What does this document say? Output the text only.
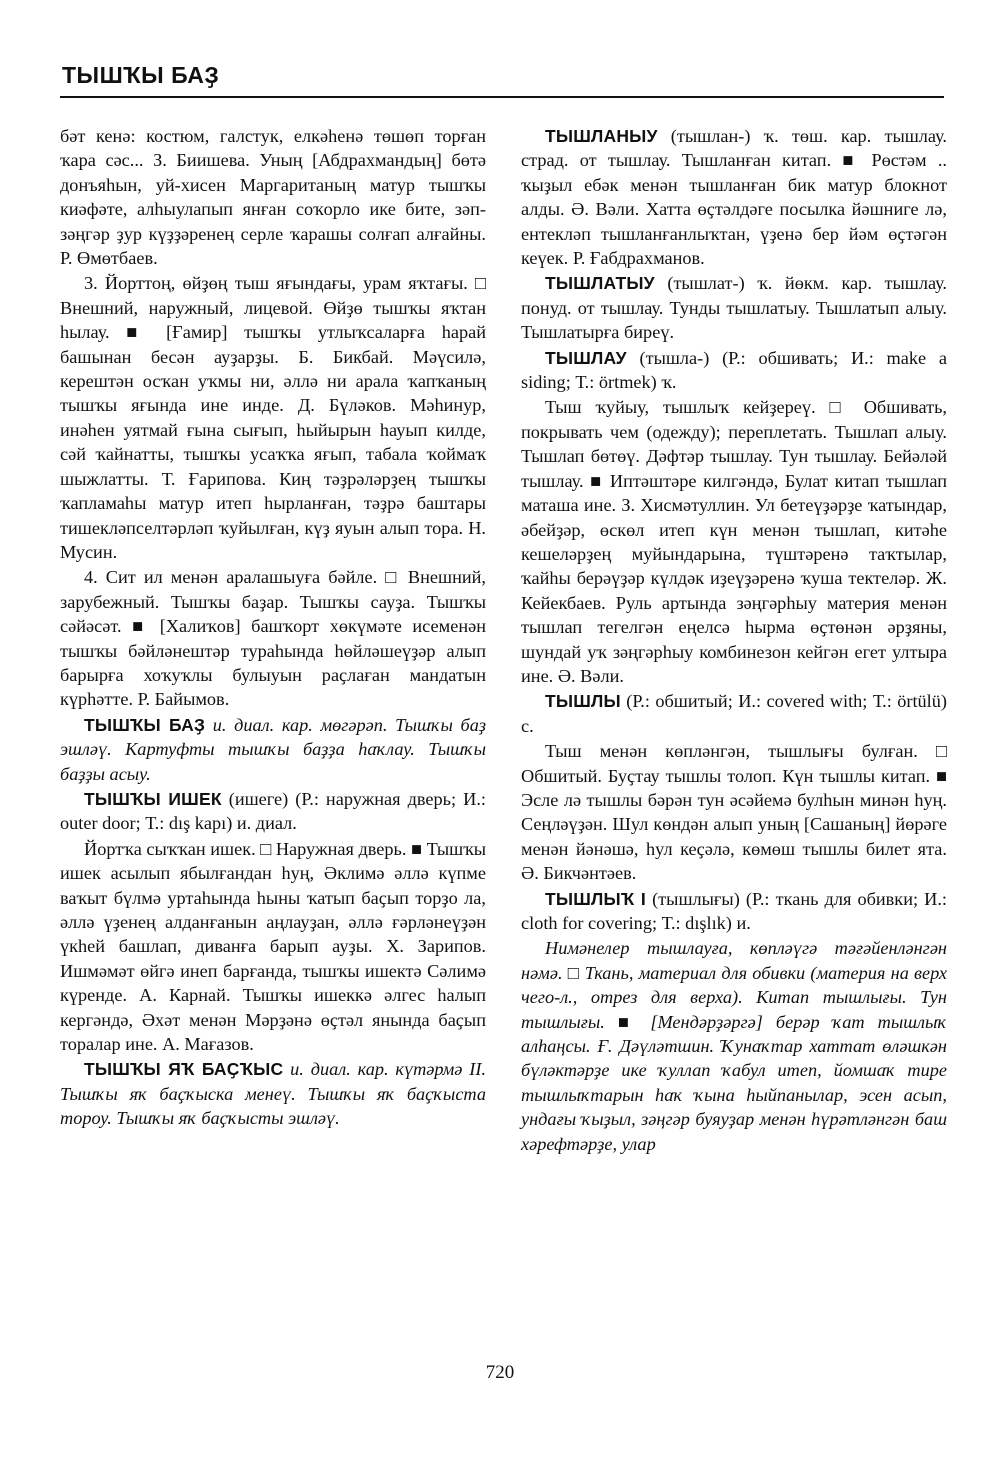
ТЫШҠЫ БАҘ

бәт кенә: костюм, галстук, елкәһенә төшөп торған ҡара сәс... З. Биишева. Уның [Абдрахмандың] бөтә донъяһын, уй-хисен Маргаританың матур тышҡы киәфәте, алһыулапып янған соҡорло ике бите, зәп-зәңгәр ҙур күҙҙәренең серле ҡарашы солғап алғайны. Р. Өмөтбаев.

3. Йорттоң, өйҙөң тыш яғындағы, урам яҡтағы. □ Внешний, наружный, лицевой. Өйҙө тышҡы яҡтан һылау. ■ [Ғамир] тышҡы утлыҡсаларға һарай башынан бесән ауҙарҙы. Б. Бикбай. Мәүсилә, керештән осҡан уҡмы ни, әллә ни арала ҡапҡаның тышҡы яғында ине инде. Д. Бүләков. Мәһинур, инәһен уятмай ғына сығып, һыйырын һауып килде, сәй ҡайнатты, тышҡы усаҡҡа яғып, табала ҡоймаҡ шыжлатты. Т. Ғарипова. Киң тәҙрәләрҙең тышҡы ҡапламаһы матур итеп һырланған, тәҙрә баштары тишекләпселтәрләп ҡуйылған, күҙ яуын алып тора. Н. Мусин.

4. Сит ил менән аралашыуға бәйле. □ Внешний, зарубежный. Тышҡы баҙар. Тышҡы сауҙа. Тышҡы сәйәсәт. ■ [Халиҡов] башҡорт хөкүмәте исеменән тышҡы бәйләнештәр тураһында һөйләшеүҙәр алып барырға хоҡуҡлы булыуын раҫлаған мандатын күрһәтте. Р. Байымов.

ТЫШҠЫ БАҘ и. диал. кар. мөгәрәп. Тышҡы баҙ эшләү. Картуфты тышҡы баҙҙа һаҡлау. Тышҡы баҙҙы асыу.

ТЫШҠЫ ИШЕК (ишеге) (Р.: наружная дверь; И.: outer door; Т.: dış kapı) и. диал.

Йортҡа сыҡҡан ишек. □ Наружная дверь. ■ Тышҡы ишек асылып ябылғандан һуң, Әклимә әллә күпме ваҡыт бүлмә уртаһында һыны ҡатып баҫып торҙо ла, әллә үҙенең алданғанын аңлауҙан, әллә ғәрләнеүҙән үкһей башлап, диванға барып ауҙы. Х. Зарипов. Ишмәмәт өйгә инеп барғанда, тышҡы ишектә Сәлимә күренде. А. Карнай. Тышҡы ишеккә әлгес һалып кергәндә, Әхәт менән Мәрҙәнә өҫтәл янында баҫып торалар ине. А. Мағазов.

ТЫШҠЫ ЯҠ БАҪҠЫС и. диал. кар. күтәрмә II. Тышҡы яҡ баҫҡыска менеү. Тышҡы яҡ баҫҡыста тороу. Тышҡы яҡ баҫҡысты эшләү.

ТЫШЛАНЫУ (тышлан-) ҡ. төш. кар. тышлау. страд. от тышлау. Тышланған китап. ■ Рөстәм .. ҡыҙыл ебәк менән тышланған бик матур блокнот алды. Ә. Вәли. Хатта өҫтәлдәге посылка йәшниге лә, ентекләп тышланғанлыҡтан, үҙенә бер йәм өҫтәгән кеүек. Р. Ғабдрахманов.

ТЫШЛАТЫУ (тышлат-) ҡ. йөкм. кар. тышлау. понуд. от тышлау. Тунды тышлатыу. Тышлатып алыу. Тышлатырға бирeү.

ТЫШЛАУ (тышла-) (Р.: обшивать; И.: make a siding; Т.: örtmek) ҡ.

Тыш ҡуйыу, тышлыҡ кейҙереү. □ Обшивать, покрывать чем (одежду); переплетать. Тышлап алыу. Тышлап бөтөү. Дәфтәр тышлау. Тун тышлау. Бейәләй тышлау. ■ Иптәштәре килгәндә, Булат китап тышлап маташа ине. З. Хисмәтуллин. Ул бетеүҙәрҙе ҡатындар, әбейҙәр, өскөл итеп күн менән тышлап, китәһе кешеләрҙең муйындарына, түштәренә таҡтылар, ҡайһы берәүҙәр күлдәк иҙеүҙәренә ҡуша тектеләр. Ж. Кейекбаев. Руль артында зәңгәрһыу материя менән тышлап тегелгән еңелсә һырма өҫтөнән әрҙяны, шундай уҡ зәңгәрһыу комбинезон кейгән егет ултыра ине. Ә. Вәли.

ТЫШЛЫ (Р.: обшитый; И.: covered with; Т.: örtülü) с.

Тыш менән көпләнгән, тышлығы булған. □ Обшитый. Буҫтау тышлы толоп. Күн тышлы китап. ■ Эсле лә тышлы бәрән тун әсәйемә булһын минән һуң. Сеңләүҙән. Шул көндән алып уның [Сашаның] йөрәге менән йәнәшә, һул кеҫәлә, көмөш тышлы билет ята. Ә. Бикчәнтәев.

ТЫШЛЫҠ I (тышлығы) (Р.: ткань для обивки; И.: cloth for covering; Т.: dışlık) и.

Нимәнелер тышлауға, көпләүгә тәғәйенләнгән нәмә. □ Ткань, материал для обивки (материя на верх чего-л., отрез для верха). Китап тышлығы. Тун тышлығы. ■ [Мендәрҙәргә] берәр ҡат тышлыҡ алһаңсы. Ғ. Дәүләтшин. Ҡунаҡтар хаттат өләшкән бүләктәрҙе ике ҡуллап ҡабул итеп, йомшаҡ тире тышлыҡтарын һаҡ ҡына һыйпанылар, эсен асып, ундағы ҡыҙыл, зәңгәр буяуҙар менән һүрәтләнгән баш хәрефтәрҙе, улар

720
